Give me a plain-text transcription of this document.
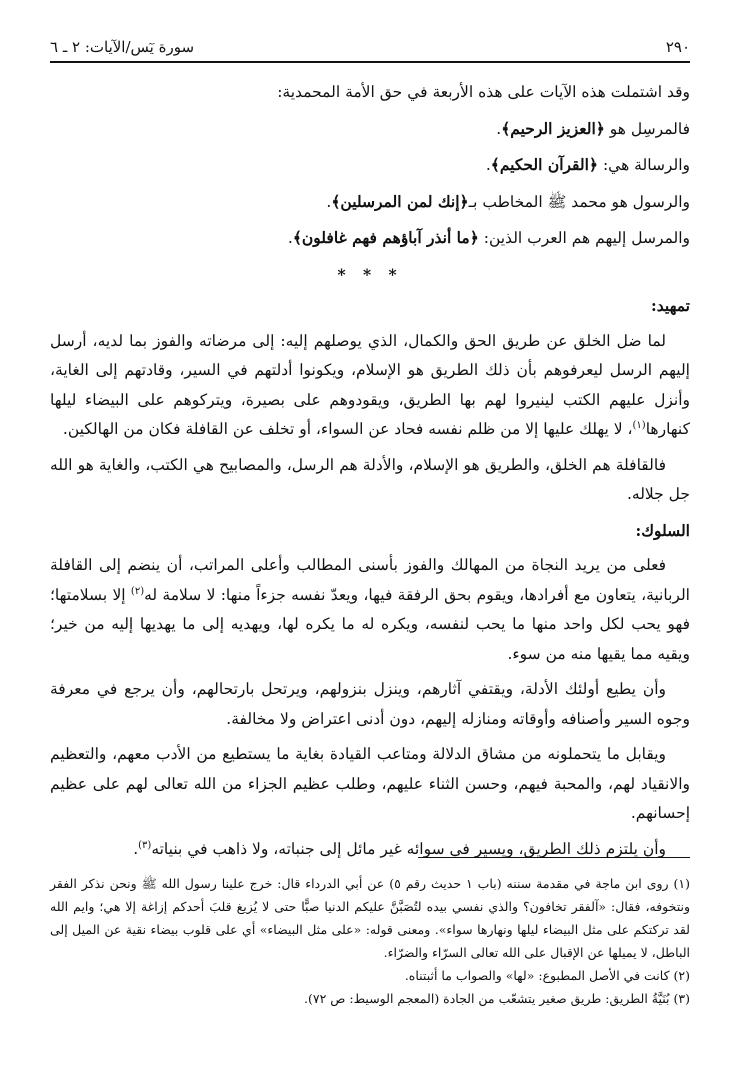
٢٩٠
سورة يٓس/الآيات: ٢ ـ ٦

وقد اشتملت هذه الآيات على هذه الأربعة في حق الأمة المحمدية:

فالمرسِل هو ﴿العزيز الرحيم﴾.

والرسالة هي: ﴿القرآن الحكيم﴾.

والرسول هو محمد ﷺ المخاطب بـ﴿إنك لمن المرسلين﴾.

والمرسل إليهم هم العرب الذين: ﴿ما أنذر آباؤهم فهم غافلون﴾.

* * *

تمهيد:

لما ضل الخلق عن طريق الحق والكمال، الذي يوصلهم إليه: إلى مرضاته والفوز بما لديه، أرسل إليهم الرسل ليعرفوهم بأن ذلك الطريق هو الإسلام، ويكونوا أدلتهم في السير، وقادتهم إلى الغاية، وأنزل عليهم الكتب لينيروا لهم بها الطريق، ويقودوهم على بصيرة، ويتركوهم على البيضاء ليلها كنهارها$^{(١)}$، لا يهلك عليها إلا من ظلم نفسه فحاد عن السواء، أو تخلف عن القافلة فكان من الهالكين.

فالقافلة هم الخلق، والطريق هو الإسلام، والأدلة هم الرسل، والمصابيح هي الكتب، والغاية هو الله جل جلاله.

السلوك:

فعلى من يريد النجاة من المهالك والفوز بأسنى المطالب وأعلى المراتب، أن ينضم إلى القافلة الربانية، يتعاون مع أفرادها، ويقوم بحق الرفقة فيها، ويعدّ نفسه جزءاً منها: لا سلامة له$^{(٢)}$ إلا بسلامتها؛ فهو يحب لكل واحد منها ما يحب لنفسه، ويكره له ما يكره لها، ويهديه إلى ما يهديها إليه من خير؛ ويقيه مما يقيها منه من سوء.

وأن يطيع أولئك الأدلة، ويقتفي آثارهم، وينزل بنزولهم، ويرتحل بارتحالهم، وأن يرجع في معرفة وجوه السير وأصنافه وأوقاته ومنازله إليهم، دون أدنى اعتراض ولا مخالفة.

ويقابل ما يتحملونه من مشاق الدلالة ومتاعب القيادة بغاية ما يستطيع من الأدب معهم، والتعظيم والانقياد لهم، والمحبة فيهم، وحسن الثناء عليهم، وطلب عظيم الجزاء من الله تعالى لهم على عظيم إحسانهم.

وأن يلتزم ذلك الطريق، ويسير في سوائه غير مائل إلى جنباته، ولا ذاهب في بنياته$^{(٣)}$.

(١) روى ابن ماجة في مقدمة سننه (باب ١ حديث رقم ٥) عن أبي الدرداء قال: خرج علينا رسول الله ﷺ ونحن نذكر الفقر ونتخوفه، فقال: «آلفقر تخافون؟ والذي نفسي بيده لتُصَبَّنَّ عليكم الدنيا صبًّا حتى لا يُزيغ قلبَ أحدكم إزاغة إلا هي؛ وايم الله لقد تركتكم على مثل البيضاء ليلها ونهارها سواء». ومعنى قوله: «على مثل البيضاء» أي على قلوب بيضاء نقية عن الميل إلى الباطل، لا يميلها عن الإقبال على الله تعالى السرّاء والضرّاء.

(٢) كانت في الأصل المطبوع: «لها» والصواب ما أثبتناه.

(٣) بُنَيَّةُ الطريق: طريق صغير يتشعّب من الجادة (المعجم الوسيط: ص ٧٢).
